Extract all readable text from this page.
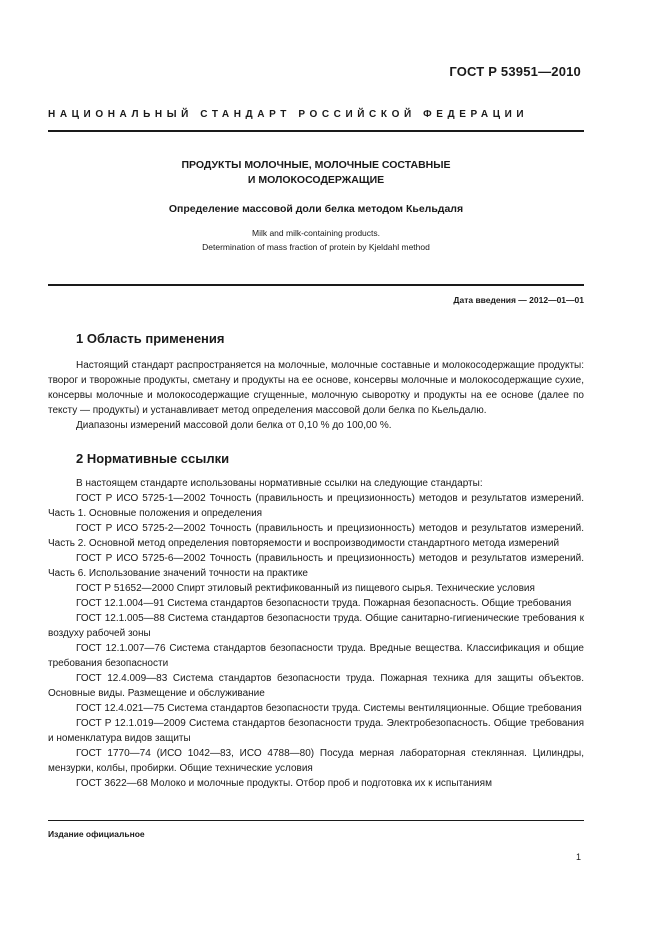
ГОСТ Р 53951—2010
НАЦИОНАЛЬНЫЙ СТАНДАРТ РОССИЙСКОЙ ФЕДЕРАЦИИ
ПРОДУКТЫ МОЛОЧНЫЕ, МОЛОЧНЫЕ СОСТАВНЫЕ
И МОЛОКОСОДЕРЖАЩИЕ
Определение массовой доли белка методом Кьельдаля
Milk and milk-containing products.
Determination of mass fraction of protein by Kjeldahl method
Дата введения — 2012—01—01
1 Область применения

Настоящий стандарт распространяется на молочные, молочные составные и молокосодержащие продукты: творог и творожные продукты, сметану и продукты на ее основе, консервы молочные и молокосодержащие сухие, консервы молочные и молокосодержащие сгущенные, молочную сыворотку и продукты на ее основе (далее по тексту — продукты) и устанавливает метод определения массовой доли белка по Кьельдалю.

Диапазоны измерений массовой доли белка от 0,10 % до 100,00 %.

2 Нормативные ссылки

В настоящем стандарте использованы нормативные ссылки на следующие стандарты:

ГОСТ Р ИСО 5725-1—2002 Точность (правильность и прецизионность) методов и результатов измерений. Часть 1. Основные положения и определения

ГОСТ Р ИСО 5725-2—2002 Точность (правильность и прецизионность) методов и результатов измерений. Часть 2. Основной метод определения повторяемости и воспроизводимости стандартного метода измерений

ГОСТ Р ИСО 5725-6—2002 Точность (правильность и прецизионность) методов и результатов измерений. Часть 6. Использование значений точности на практике

ГОСТ Р 51652—2000 Спирт этиловый ректификованный из пищевого сырья. Технические условия

ГОСТ 12.1.004—91 Система стандартов безопасности труда. Пожарная безопасность. Общие требования

ГОСТ 12.1.005—88 Система стандартов безопасности труда. Общие санитарно-гигиенические требования к воздуху рабочей зоны

ГОСТ 12.1.007—76 Система стандартов безопасности труда. Вредные вещества. Классификация и общие требования безопасности

ГОСТ 12.4.009—83 Система стандартов безопасности труда. Пожарная техника для защиты объектов. Основные виды. Размещение и обслуживание

ГОСТ 12.4.021—75 Система стандартов безопасности труда. Системы вентиляционные. Общие требования

ГОСТ Р 12.1.019—2009 Система стандартов безопасности труда. Электробезопасность. Общие требования и номенклатура видов защиты

ГОСТ 1770—74 (ИСО 1042—83, ИСО 4788—80) Посуда мерная лабораторная стеклянная. Цилиндры, мензурки, колбы, пробирки. Общие технические условия

ГОСТ 3622—68 Молоко и молочные продукты. Отбор проб и подготовка их к испытаниям

Издание официальное
1
